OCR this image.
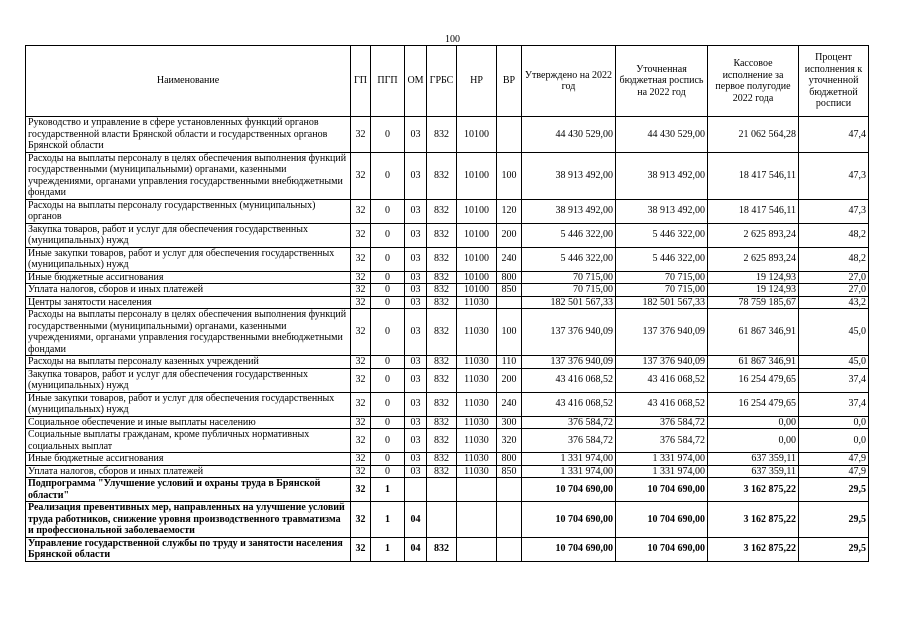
100
Наименование	ГП	ПГП	ОМ	ГРБС	НР	ВР	Утверждено на 2022 год	Уточненная бюджетная роспись на 2022 год	Кассовое исполнение за первое полугодие 2022 года	Процент исполнения к уточненной бюджетной росписи
Руководство и управление в сфере установленных функций органов государственной власти Брянской области и государственных органов Брянской области	32	0	03	832	10100		44 430 529,00	44 430 529,00	21 062 564,28	47,4
Расходы на выплаты персоналу в целях обеспечения выполнения функций государственными (муниципальными) органами, казенными учреждениями, органами управления государственными внебюджетными фондами	32	0	03	832	10100	100	38 913 492,00	38 913 492,00	18 417 546,11	47,3
Расходы на выплаты персоналу государственных (муниципальных) органов	32	0	03	832	10100	120	38 913 492,00	38 913 492,00	18 417 546,11	47,3
Закупка товаров, работ и услуг для обеспечения государственных (муниципальных) нужд	32	0	03	832	10100	200	5 446 322,00	5 446 322,00	2 625 893,24	48,2
Иные закупки товаров, работ и услуг для обеспечения государственных (муниципальных) нужд	32	0	03	832	10100	240	5 446 322,00	5 446 322,00	2 625 893,24	48,2
Иные бюджетные ассигнования	32	0	03	832	10100	800	70 715,00	70 715,00	19 124,93	27,0
Уплата налогов, сборов и иных платежей	32	0	03	832	10100	850	70 715,00	70 715,00	19 124,93	27,0
Центры занятости населения	32	0	03	832	11030		182 501 567,33	182 501 567,33	78 759 185,67	43,2
Расходы на выплаты персоналу в целях обеспечения выполнения функций государственными (муниципальными) органами, казенными учреждениями, органами управления государственными внебюджетными фондами	32	0	03	832	11030	100	137 376 940,09	137 376 940,09	61 867 346,91	45,0
Расходы на выплаты персоналу казенных учреждений	32	0	03	832	11030	110	137 376 940,09	137 376 940,09	61 867 346,91	45,0
Закупка товаров, работ и услуг для обеспечения государственных (муниципальных) нужд	32	0	03	832	11030	200	43 416 068,52	43 416 068,52	16 254 479,65	37,4
Иные закупки товаров, работ и услуг для обеспечения государственных (муниципальных) нужд	32	0	03	832	11030	240	43 416 068,52	43 416 068,52	16 254 479,65	37,4
Социальное обеспечение и иные выплаты населению	32	0	03	832	11030	300	376 584,72	376 584,72	0,00	0,0
Социальные выплаты гражданам, кроме публичных нормативных социальных выплат	32	0	03	832	11030	320	376 584,72	376 584,72	0,00	0,0
Иные бюджетные ассигнования	32	0	03	832	11030	800	1 331 974,00	1 331 974,00	637 359,11	47,9
Уплата налогов, сборов и иных платежей	32	0	03	832	11030	850	1 331 974,00	1 331 974,00	637 359,11	47,9
Подпрограмма "Улучшение условий и охраны труда в Брянской области"	32	1					10 704 690,00	10 704 690,00	3 162 875,22	29,5
Реализация превентивных мер, направленных на улучшение условий труда работников, снижение уровня производственного травматизма и профессиональной заболеваемости	32	1	04				10 704 690,00	10 704 690,00	3 162 875,22	29,5
Управление государственной службы по труду и занятости населения Брянской области	32	1	04	832			10 704 690,00	10 704 690,00	3 162 875,22	29,5
